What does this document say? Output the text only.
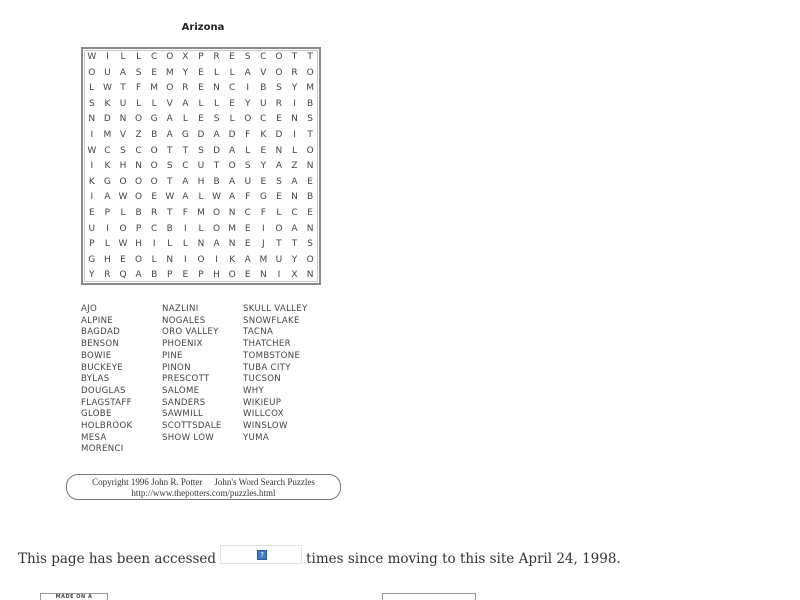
Arizona
W	I	L	L	C O X	P	R	E	S	C O	T	T
O U	A	S	E M Y	E	L	L	A	V O R O
L W T	F	M O R	E	N	C	I	B	S	Y M
S	K	U	L	L	V	A	L	L	E	Y	U	R	I	B
N D N O G	A	L	E	S	L	O C	E	N	S
I	M V	Z	B	A	G D	A	D	F	K	D	I	T
W C	S	C O	T	T	S	D	A	L	E	N	L	O
I	K	H N O	S	C	U	T	O	S	Y	A	Z	N
K	G O O O	T	A	H	B	A	U	E	S	A	E
I	A W O	E W A	L W A	F	G	E	N	B
E	P	L	B	R	T	F	M O N	C	F	L	C	E
U	I	O	P	C	B	I	L	O M E	I	O A	N
P	L W H	I	L	L	N	A	N	E	J	T	T	S
G H	E	O	L	N	I	O	I	K	A M U	Y	O
Y	R Q A	B	P	E	P	H O	E	N	I	X	N
AJO
ALPINE
BAGDAD
BENSON
BOWIE
BUCKEYE
BYLAS
DOUGLAS
FLAGSTAFF
GLOBE
HOLBROOK
MESA
MORENCI
NAZLINI
NOGALES
ORO VALLEY
PHOENIX
PINE
PINON
PRESCOTT
SALOME
SANDERS
SAWMILL
SCOTTSDALE
SHOW LOW
SKULL VALLEY
SNOWFLAKE
TACNA
THATCHER
TOMBSTONE
TUBA CITY
TUCSON
WHY
WIKIEUP
WILLCOX
WINSLOW
YUMA
Copyright 1996 John R. Potter John's Word Search Puzzles
http://www.thepotters.com/puzzles.html
This page has been accessed	?	times since moving to this site April 24, 1998.
MADE ON A
